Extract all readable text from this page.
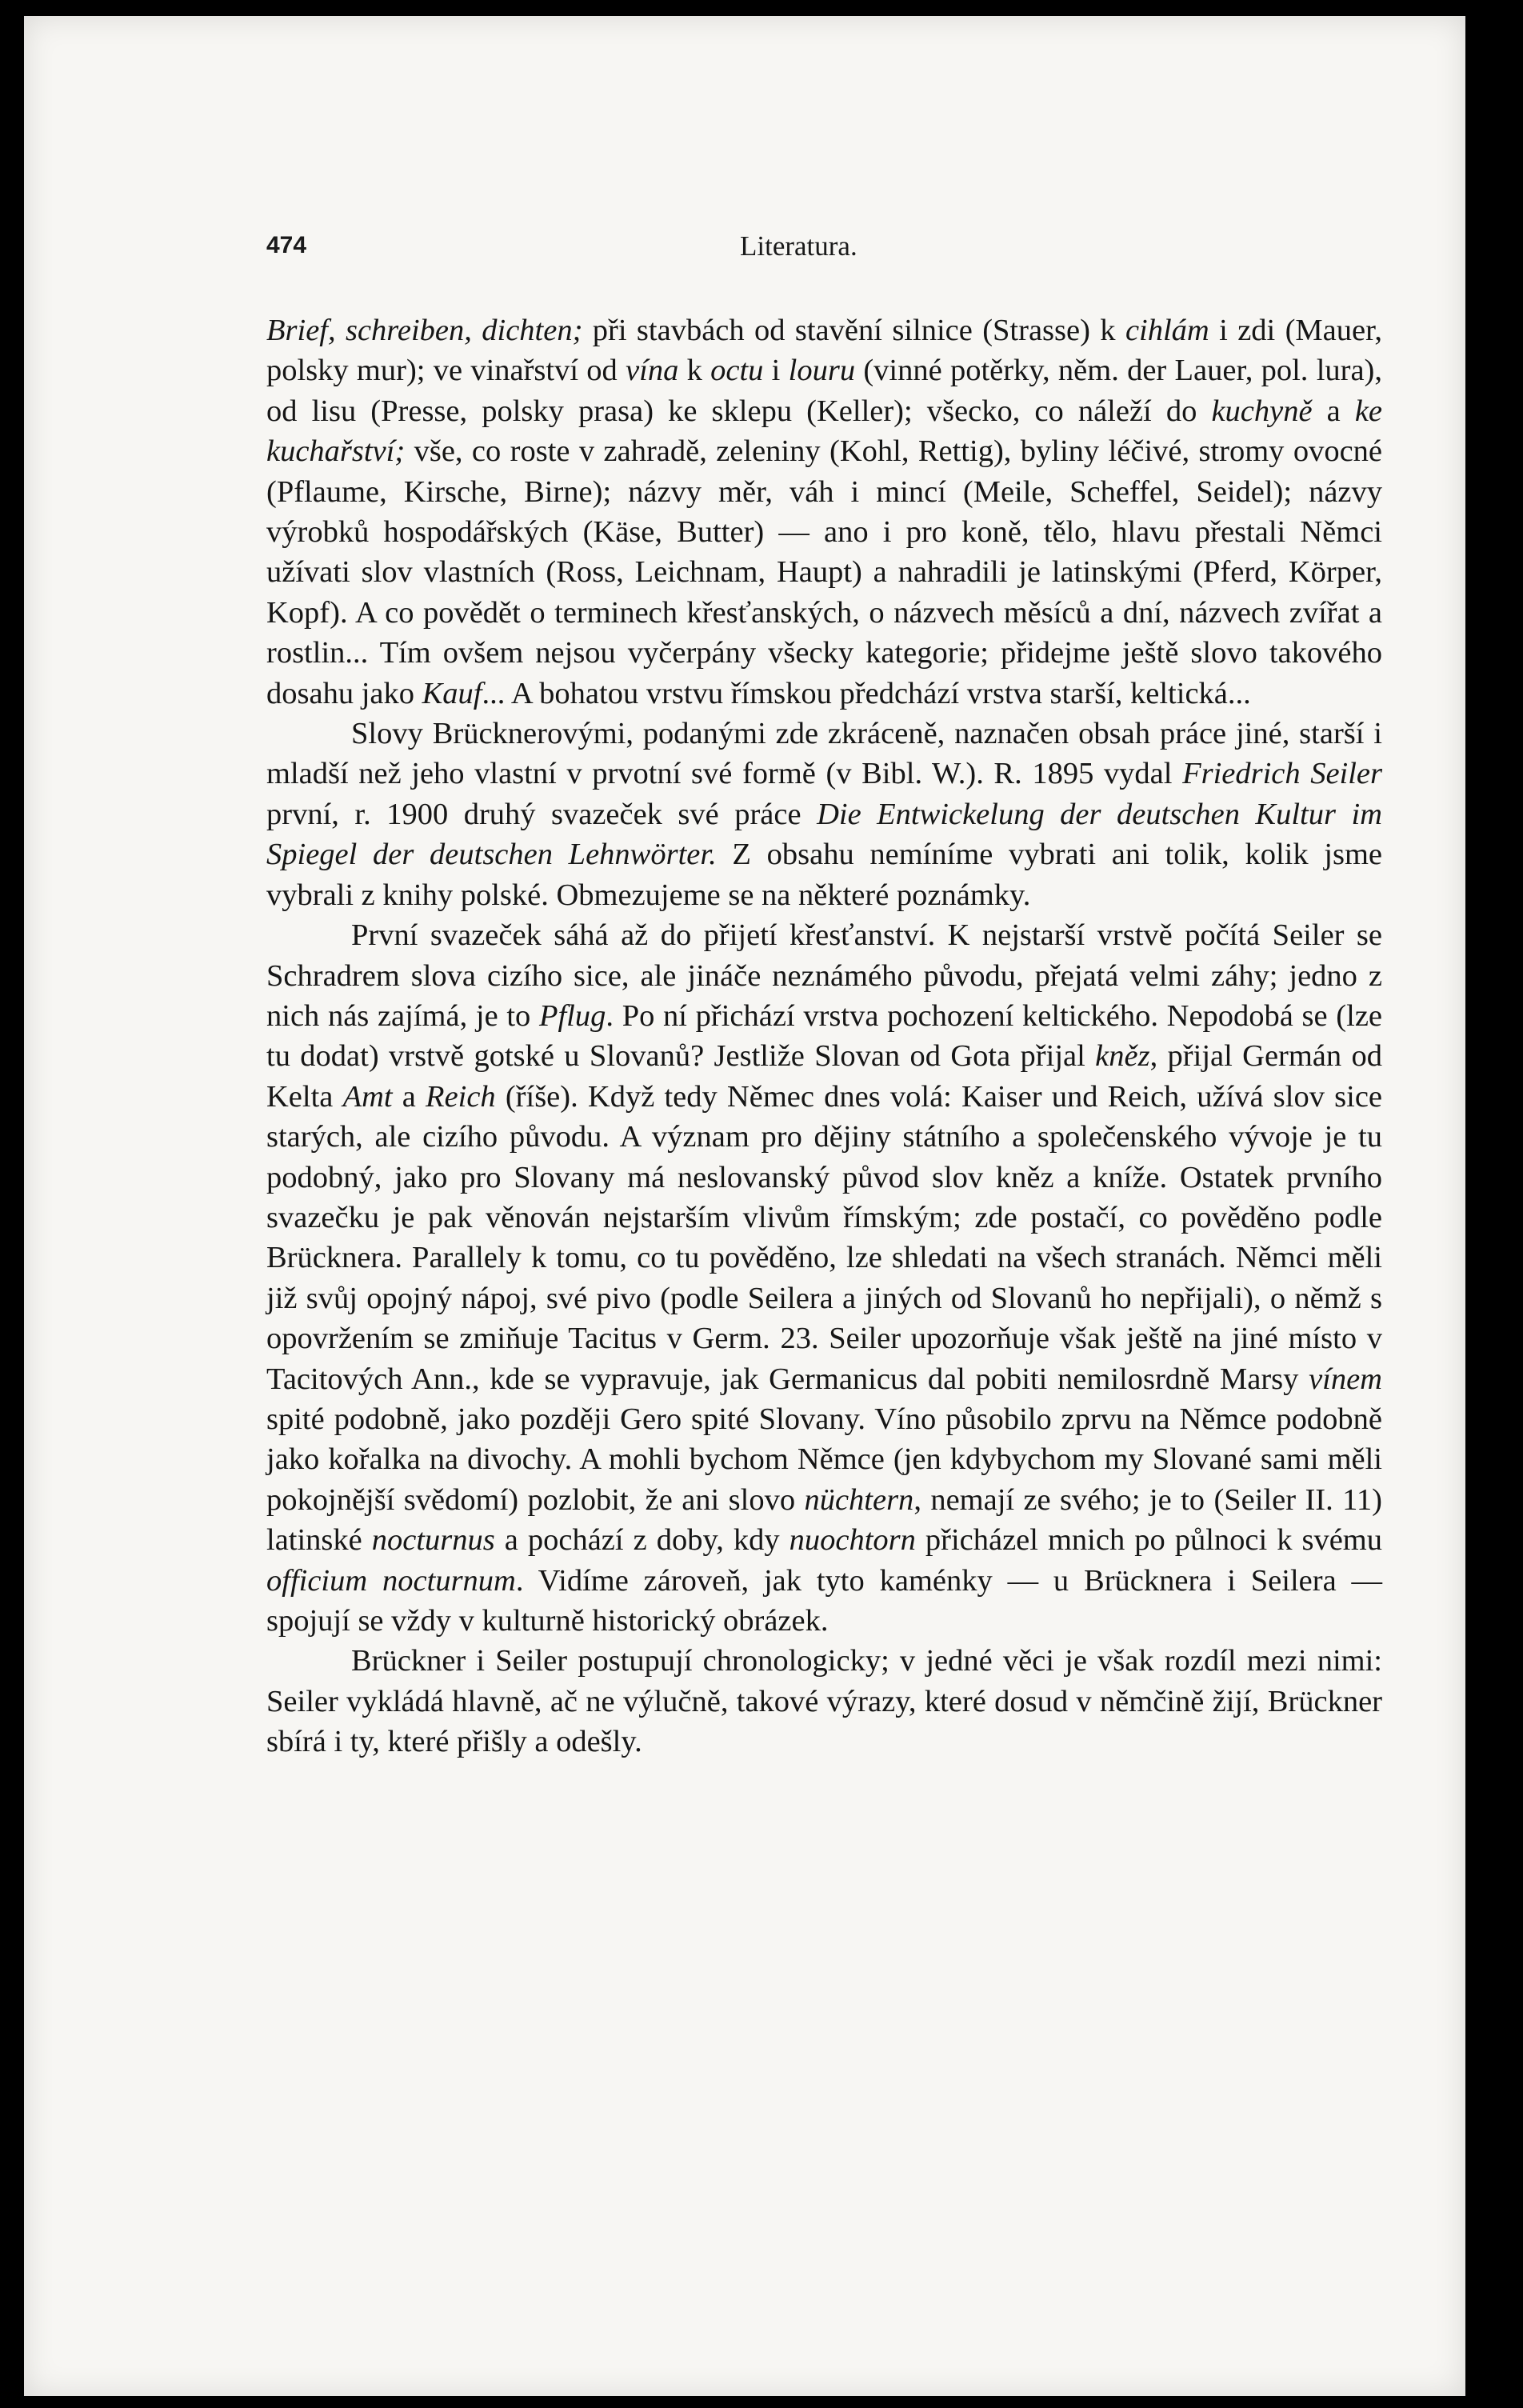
474	Literatura.

Brief, schreiben, dichten; při stavbách od stavění silnice (Strasse) k cihlám i zdi (Mauer, polsky mur); ve vinařství od vína k octu i louru (vinné potěrky, něm. der Lauer, pol. lura), od lisu (Presse, polsky prasa) ke sklepu (Keller); všecko, co náleží do kuchyně a ke kuchařství; vše, co roste v zahradě, zeleniny (Kohl, Rettig), byliny léčivé, stromy ovocné (Pflaume, Kirsche, Birne); názvy měr, váh i mincí (Meile, Scheffel, Seidel); názvy výrobků hospodářských (Käse, Butter) — ano i pro koně, tělo, hlavu přestali Němci užívati slov vlastních (Ross, Leichnam, Haupt) a nahradili je latinskými (Pferd, Körper, Kopf). A co povědět o terminech křesťanských, o názvech měsíců a dní, názvech zvířat a rostlin... Tím ovšem nejsou vyčerpány všecky kategorie; přidejme ještě slovo takového dosahu jako Kauf... A bohatou vrstvu římskou předchází vrstva starší, keltická...

Slovy Brücknerovými, podanými zde zkráceně, naznačen obsah práce jiné, starší i mladší než jeho vlastní v prvotní své formě (v Bibl. W.). R. 1895 vydal Friedrich Seiler první, r. 1900 druhý svazeček své práce Die Entwickelung der deutschen Kultur im Spiegel der deutschen Lehnwörter. Z obsahu nemíníme vybrati ani tolik, kolik jsme vybrali z knihy polské. Obmezujeme se na některé poznámky.

První svazeček sáhá až do přijetí křesťanství. K nejstarší vrstvě počítá Seiler se Schradrem slova cizího sice, ale jináče neznámého původu, přejatá velmi záhy; jedno z nich nás zajímá, je to Pflug. Po ní přichází vrstva pochození keltického. Nepodobá se (lze tu dodat) vrstvě gotské u Slovanů? Jestliže Slovan od Gota přijal kněz, přijal Germán od Kelta Amt a Reich (říše). Když tedy Němec dnes volá: Kaiser und Reich, užívá slov sice starých, ale cizího původu. A význam pro dějiny státního a společenského vývoje je tu podobný, jako pro Slovany má neslovanský původ slov kněz a kníže. Ostatek prvního svazečku je pak věnován nejstarším vlivům římským; zde postačí, co pověděno podle Brücknera. Parallely k tomu, co tu pověděno, lze shledati na všech stranách. Němci měli již svůj opojný nápoj, své pivo (podle Seilera a jiných od Slovanů ho nepřijali), o němž s opovržením se zmiňuje Tacitus v Germ. 23. Seiler upozorňuje však ještě na jiné místo v Tacitových Ann., kde se vypravuje, jak Germanicus dal pobiti nemilosrdně Marsy vínem spité podobně, jako později Gero spité Slovany. Víno působilo zprvu na Němce podobně jako kořalka na divochy. A mohli bychom Němce (jen kdybychom my Slované sami měli pokojnější svědomí) pozlobit, že ani slovo nüchtern, nemají ze svého; je to (Seiler II. 11) latinské nocturnus a pochází z doby, kdy nuochtorn přicházel mnich po půlnoci k svému officium nocturnum. Vidíme zároveň, jak tyto kaménky — u Brücknera i Seilera — spojují se vždy v kulturně historický obrázek.

Brückner i Seiler postupují chronologicky; v jedné věci je však rozdíl mezi nimi: Seiler vykládá hlavně, ač ne výlučně, takové výrazy, které dosud v němčině žijí, Brückner sbírá i ty, které přišly a odešly.
